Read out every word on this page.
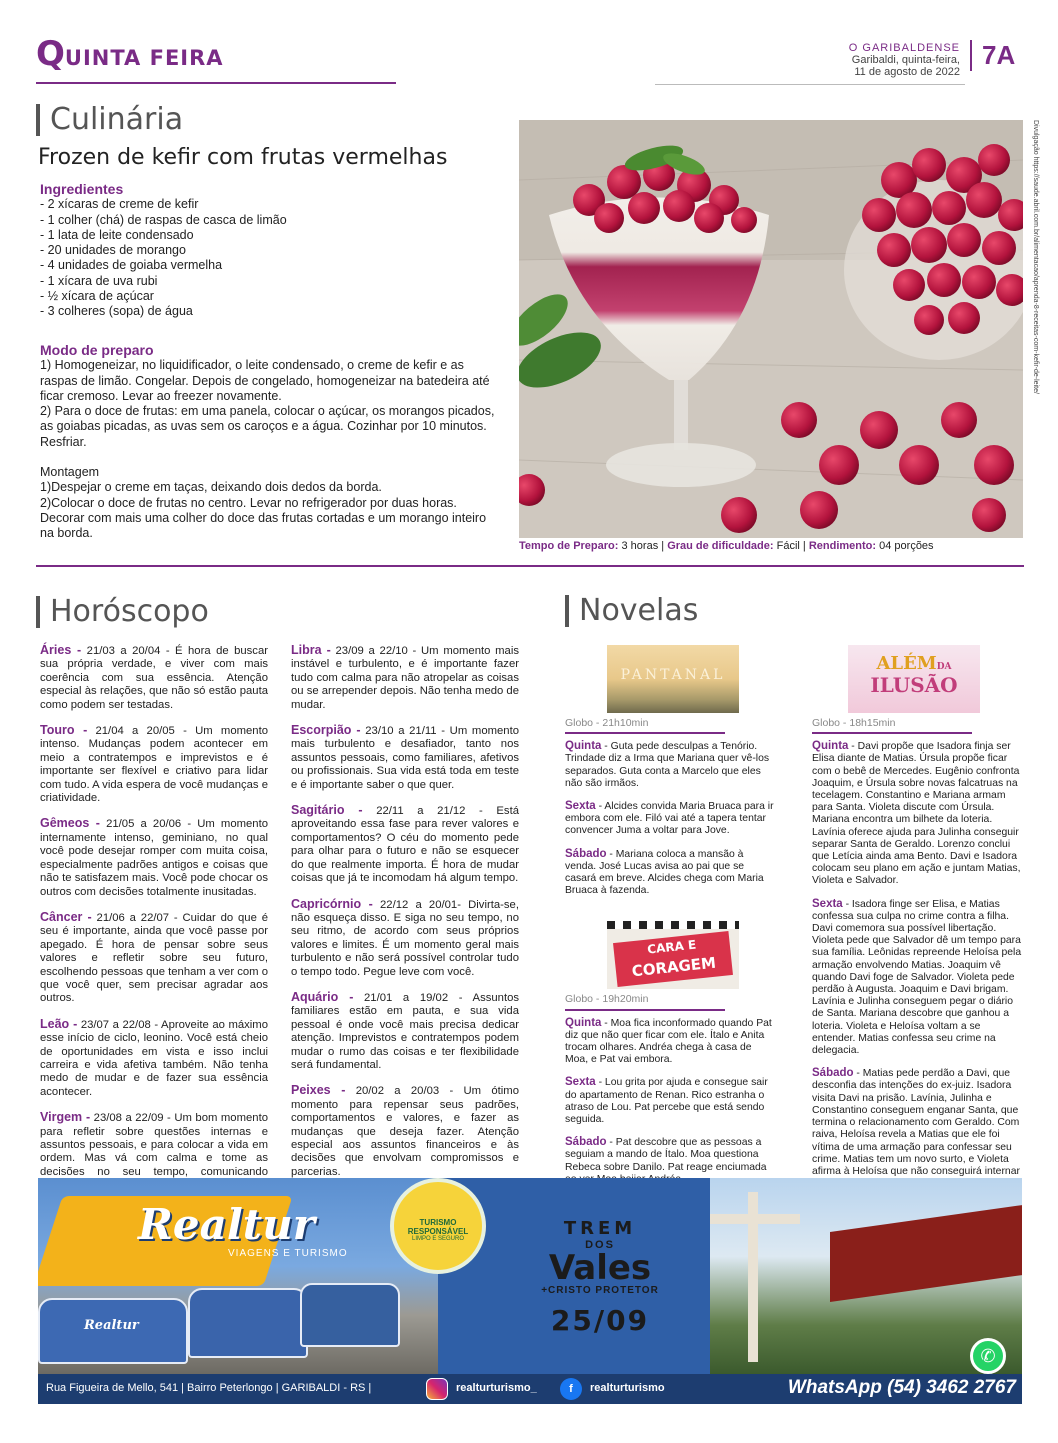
QUINTA FEIRA	O GARIBALDENSE
Garibaldi, quinta-feira,
11 de agosto de 2022
7A
Culinária
Frozen de kefir com frutas vermelhas
Ingredientes
- 2 xícaras de creme de kefir
- 1 colher (chá) de raspas de casca de limão
- 1 lata de leite condensado
- 20 unidades de morango
- 4 unidades de goiaba vermelha
- 1 xícara de uva rubi
- ½ xícara de açúcar
- 3 colheres (sopa) de água
Modo de preparo

1) Homogeneizar, no liquidificador, o leite condensado, o creme de kefir e as raspas de limão. Congelar. Depois de congelado, homogeneizar na batedeira até ficar cremoso. Levar ao freezer novamente.

2) Para o doce de frutas: em uma panela, colocar o açúcar, os morangos picados, as goiabas picadas, as uvas sem os caroços e a água. Cozinhar por 10 minutos. Resfriar.

Montagem

1)Despejar o creme em taças, deixando dois dedos da borda.

2)Colocar o doce de frutas no centro. Levar no refrigerador por duas horas. Decorar com mais uma colher do doce das frutas cortadas e um morango inteiro na borda.

Divulgação https://saude.abril.com.br/alimentacao/aprenda-8-receitas-com-kefir-de-leite/
Tempo de Preparo: 3 horas | Grau de dificuldade: Fácil | Rendimento: 04 porções
Horóscopo
Áries - 21/03 a 20/04 - É hora de buscar sua própria verdade, e viver com mais coerência com sua essência. Atenção especial às relações, que não só estão pauta como podem ser testadas.
Touro - 21/04 a 20/05 - Um momento intenso. Mudanças podem acontecer em meio a contratempos e imprevistos e é importante ser flexível e criativo para lidar com tudo. A vida espera de você mudanças e criatividade.
Gêmeos - 21/05 a 20/06 - Um momento internamente intenso, geminiano, no qual você pode desejar romper com muita coisa, especialmente padrões antigos e coisas que não te satisfazem mais. Você pode chocar os outros com decisões totalmente inusitadas.
Câncer - 21/06 a 22/07 - Cuidar do que é seu é importante, ainda que você passe por apegado. É hora de pensar sobre seus valores e refletir sobre seu futuro, escolhendo pessoas que tenham a ver com o que você quer, sem precisar agradar aos outros.
Leão - 23/07 a 22/08 - Aproveite ao máximo esse início de ciclo, leonino. Você está cheio de oportunidades em vista e isso inclui carreira e vida afetiva também. Não tenha medo de mudar e de fazer sua essência acontecer.
Virgem - 23/08 a 22/09 - Um bom momento para refletir sobre questões internas e assuntos pessoais, e para colocar a vida em ordem. Mas vá com calma e tome as decisões no seu tempo, comunicando
Libra - 23/09 a 22/10 - Um momento mais instável e turbulento, e é importante fazer tudo com calma para não atropelar as coisas ou se arrepender depois. Não tenha medo de mudar.
Escorpião - 23/10 a 21/11 - Um momento mais turbulento e desafiador, tanto nos assuntos pessoais, como familiares, afetivos ou profissionais. Sua vida está toda em teste e é importante saber o que quer.
Sagitário - 22/11 a 21/12 - Está aproveitando essa fase para rever valores e comportamentos? O céu do momento pede para olhar para o futuro e não se esquecer do que realmente importa. É hora de mudar coisas que já te incomodam há algum tempo.
Capricórnio - 22/12 a 20/01- Divirta-se, não esqueça disso. E siga no seu tempo, no seu ritmo, de acordo com seus próprios valores e limites. É um momento geral mais turbulento e não será possível controlar tudo o tempo todo. Pegue leve com você.
Aquário - 21/01 a 19/02 - Assuntos familiares estão em pauta, e sua vida pessoal é onde você mais precisa dedicar atenção. Imprevistos e contratempos podem mudar o rumo das coisas e ter flexibilidade será fundamental.
Peixes - 20/02 a 20/03 - Um ótimo momento para repensar seus padrões, comportamentos e valores, e fazer as mudanças que deseja fazer. Atenção especial aos assuntos financeiros e às decisões que envolvam compromissos e parcerias.
Novelas
PANTANAL
Globo - 21h10min
Quinta - Guta pede desculpas a Tenório. Trindade diz a Irma que Mariana quer vê-los separados. Guta conta a Marcelo que eles não são irmãos.
Sexta - Alcides convida Maria Bruaca para ir embora com ele. Filó vai até a tapera tentar convencer Juma a voltar para Jove.
Sábado - Mariana coloca a mansão à venda. José Lucas avisa ao pai que se casará em breve. Alcides chega com Maria Bruaca à fazenda.
CARA E
CORAGEM
Globo - 19h20min
Quinta - Moa fica inconformado quando Pat diz que não quer ficar com ele. Ítalo e Anita trocam olhares. Andréa chega à casa de Moa, e Pat vai embora.
Sexta - Lou grita por ajuda e consegue sair do apartamento de Renan. Rico estranha o atraso de Lou. Pat percebe que está sendo seguida.
Sábado - Pat descobre que as pessoas a seguiam a mando de Ítalo. Moa questiona Rebeca sobre Danilo. Pat reage enciumada
ALÉMDA
ILUSÃO
Globo - 18h15min
Quinta - Davi propõe que Isadora finja ser Elisa diante de Matias. Úrsula propõe ficar com o bebê de Mercedes. Eugênio confronta Joaquim, e Úrsula sobre novas falcatruas na tecelagem. Constantino e Mariana armam para Santa. Violeta discute com Úrsula. Mariana encontra um bilhete da loteria. Lavínia oferece ajuda para Julinha conseguir separar Santa de Geraldo. Lorenzo conclui que Letícia ainda ama Bento. Davi e Isadora colocam seu plano em ação e juntam Matias, Violeta e Salvador.
Sexta - Isadora finge ser Elisa, e Matias confessa sua culpa no crime contra a filha. Davi comemora sua possível libertação. Violeta pede que Salvador dê um tempo para sua família. Leônidas repreende Heloísa pela armação envolvendo Matias. Joaquim vê quando Davi foge de Salvador. Violeta pede perdão à Augusta. Joaquim e Davi brigam. Lavínia e Julinha conseguem pegar o diário de Santa. Mariana descobre que ganhou a loteria. Violeta e Heloísa voltam a se entender. Matias confessa seu crime na delegacia.
Sábado - Matias pede perdão a Davi, que desconfia das intenções do ex-juiz. Isadora visita Davi na prisão. Lavínia, Julinha e Constantino conseguem enganar Santa, que termina o relacionamento com Geraldo. Com raiva, Heloísa revela a Matias que ele foi vítima de uma armação para confessar seu crime. Matias tem um novo surto, e Violeta afirma à Heloísa que não conseguirá internar
Realtur
VIAGENS E TURISMO
Realtur
TURISMO
RESPONSÁVEL
LIMPO E SEGURO	TREM
DOS
Vales
+CRISTO PROTETOR
25/09
✆
Rua Figueira de Mello, 541 | Bairro Peterlongo | GARIBALDI - RS |	realturturismo_	f	realturturismo	WhatsApp (54) 3462 2767
